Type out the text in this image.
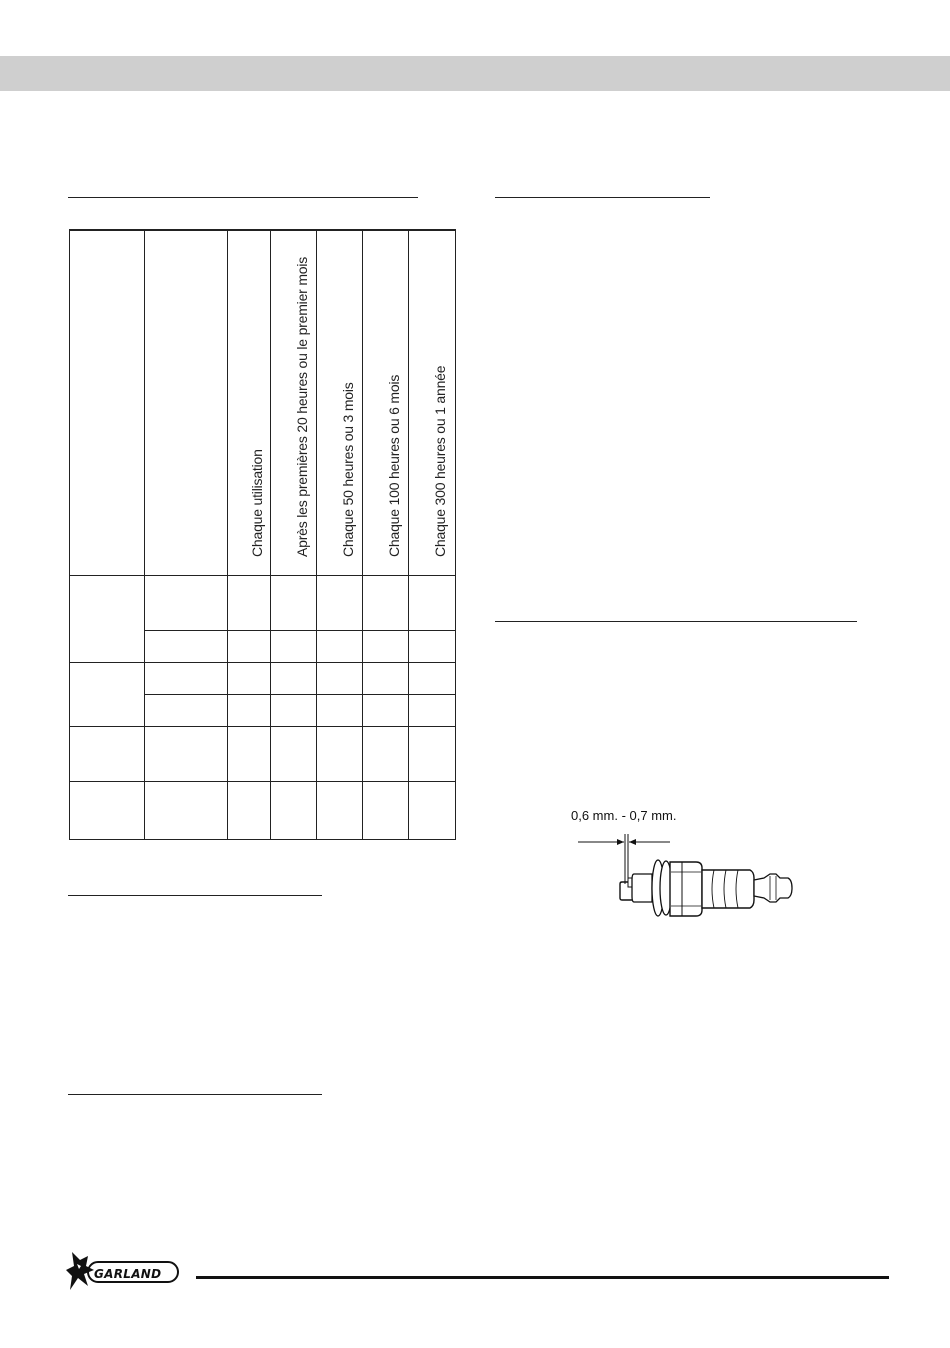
		Chaque utilisation	Après les premières 20 heures ou le premier mois	Chaque 50 heures ou 3 mois	Chaque 100 heures ou 6 mois	Chaque 300 heures ou 1 année

0,6 mm. - 0,7 mm.
GARLAND
